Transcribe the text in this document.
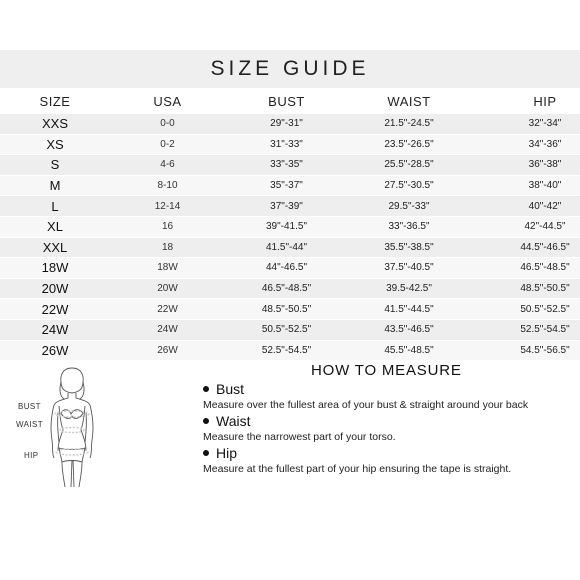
SIZE GUIDE
SIZE	USA	BUST	WAIST	HIP
XXS	0-0	29"-31"	21.5"-24.5"	32"-34"
XS	0-2	31"-33"	23.5"-26.5"	34"-36"
S	4-6	33"-35"	25.5"-28.5"	36"-38"
M	8-10	35"-37"	27.5"-30.5"	38"-40"
L	12-14	37"-39"	29.5"-33"	40"-42"
XL	16	39"-41.5"	33"-36.5"	42"-44.5"
XXL	18	41.5"-44"	35.5"-38.5"	44.5"-46.5"
18W	18W	44"-46.5"	37.5"-40.5"	46.5"-48.5"
20W	20W	46.5"-48.5"	39.5-42.5"	48.5"-50.5"
22W	22W	48.5"-50.5"	41.5"-44.5"	50.5"-52.5"
24W	24W	50.5"-52.5"	43.5"-46.5"	52.5"-54.5"
26W	26W	52.5"-54.5"	45.5"-48.5"	54.5"-56.5"
BUST
WAIST
HIP
HOW TO MEASURE
Bust
Measure over the fullest area of your bust & straight around your back
Waist
Measure the narrowest part of your torso.
Hip
Measure at the fullest part of your hip ensuring the tape is straight.
